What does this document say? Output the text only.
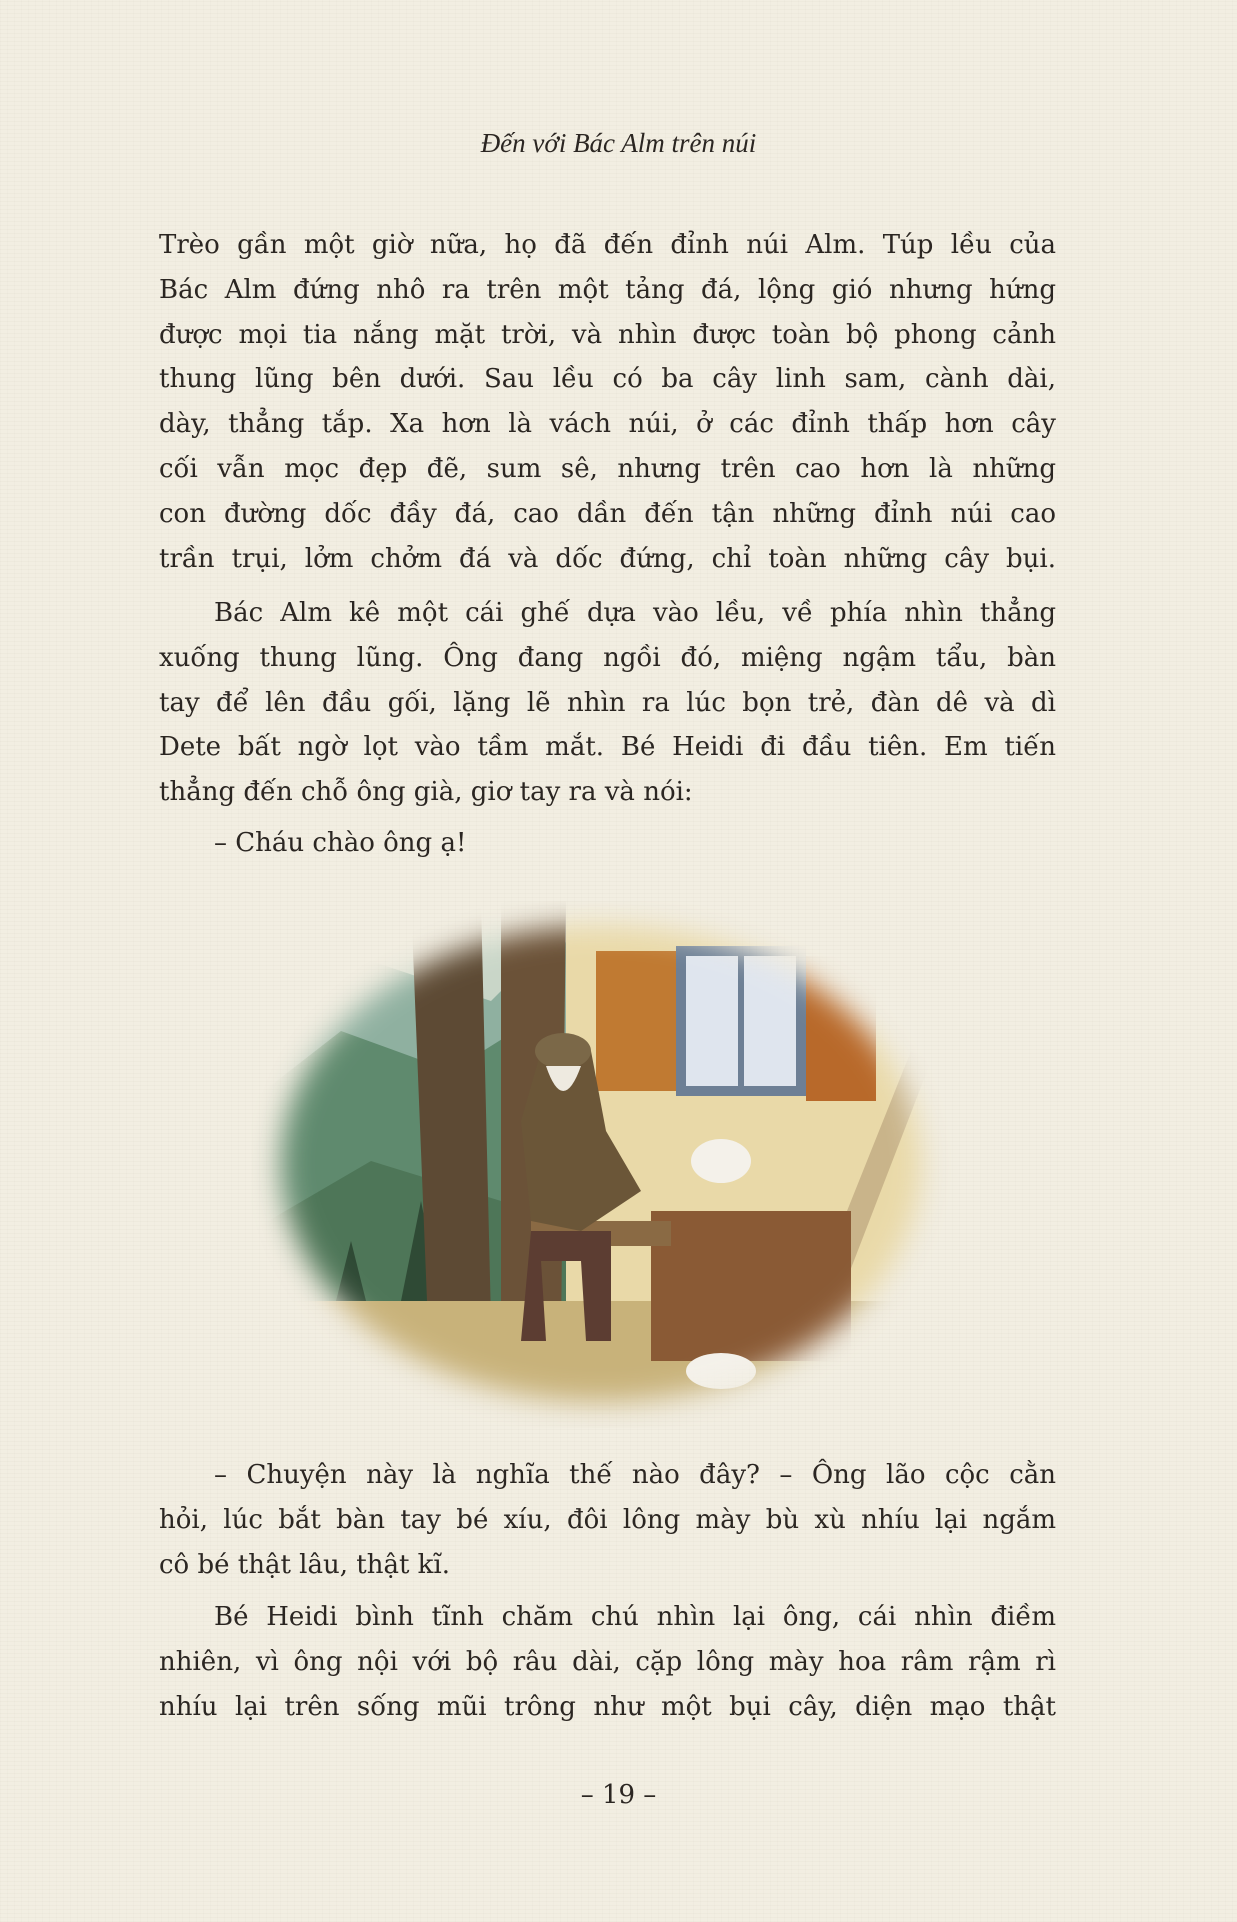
Đến với Bác Alm trên núi
Trèo gần một giờ nữa, họ đã đến đỉnh núi Alm. Túp lều của
Bác Alm đứng nhô ra trên một tảng đá, lộng gió nhưng hứng
được mọi tia nắng mặt trời, và nhìn được toàn bộ phong cảnh
thung lũng bên dưới. Sau lều có ba cây linh sam, cành dài,
dày, thẳng tắp. Xa hơn là vách núi, ở các đỉnh thấp hơn cây
cối vẫn mọc đẹp đẽ, sum sê, nhưng trên cao hơn là những
con đường dốc đầy đá, cao dần đến tận những đỉnh núi cao
trần trụi, lởm chởm đá và dốc đứng, chỉ toàn những cây bụi.
Bác Alm kê một cái ghế dựa vào lều, về phía nhìn thẳng
xuống thung lũng. Ông đang ngồi đó, miệng ngậm tẩu, bàn
tay để lên đầu gối, lặng lẽ nhìn ra lúc bọn trẻ, đàn dê và dì
Dete bất ngờ lọt vào tầm mắt. Bé Heidi đi đầu tiên. Em tiến
thẳng đến chỗ ông già, giơ tay ra và nói:
– Cháu chào ông ạ!
– Chuyện này là nghĩa thế nào đây? – Ông lão cộc cằn
hỏi, lúc bắt bàn tay bé xíu, đôi lông mày bù xù nhíu lại ngắm
cô bé thật lâu, thật kĩ.
Bé Heidi bình tĩnh chăm chú nhìn lại ông, cái nhìn điềm
nhiên, vì ông nội với bộ râu dài, cặp lông mày hoa râm rậm rì
nhíu lại trên sống mũi trông như một bụi cây, diện mạo thật
– 19 –
